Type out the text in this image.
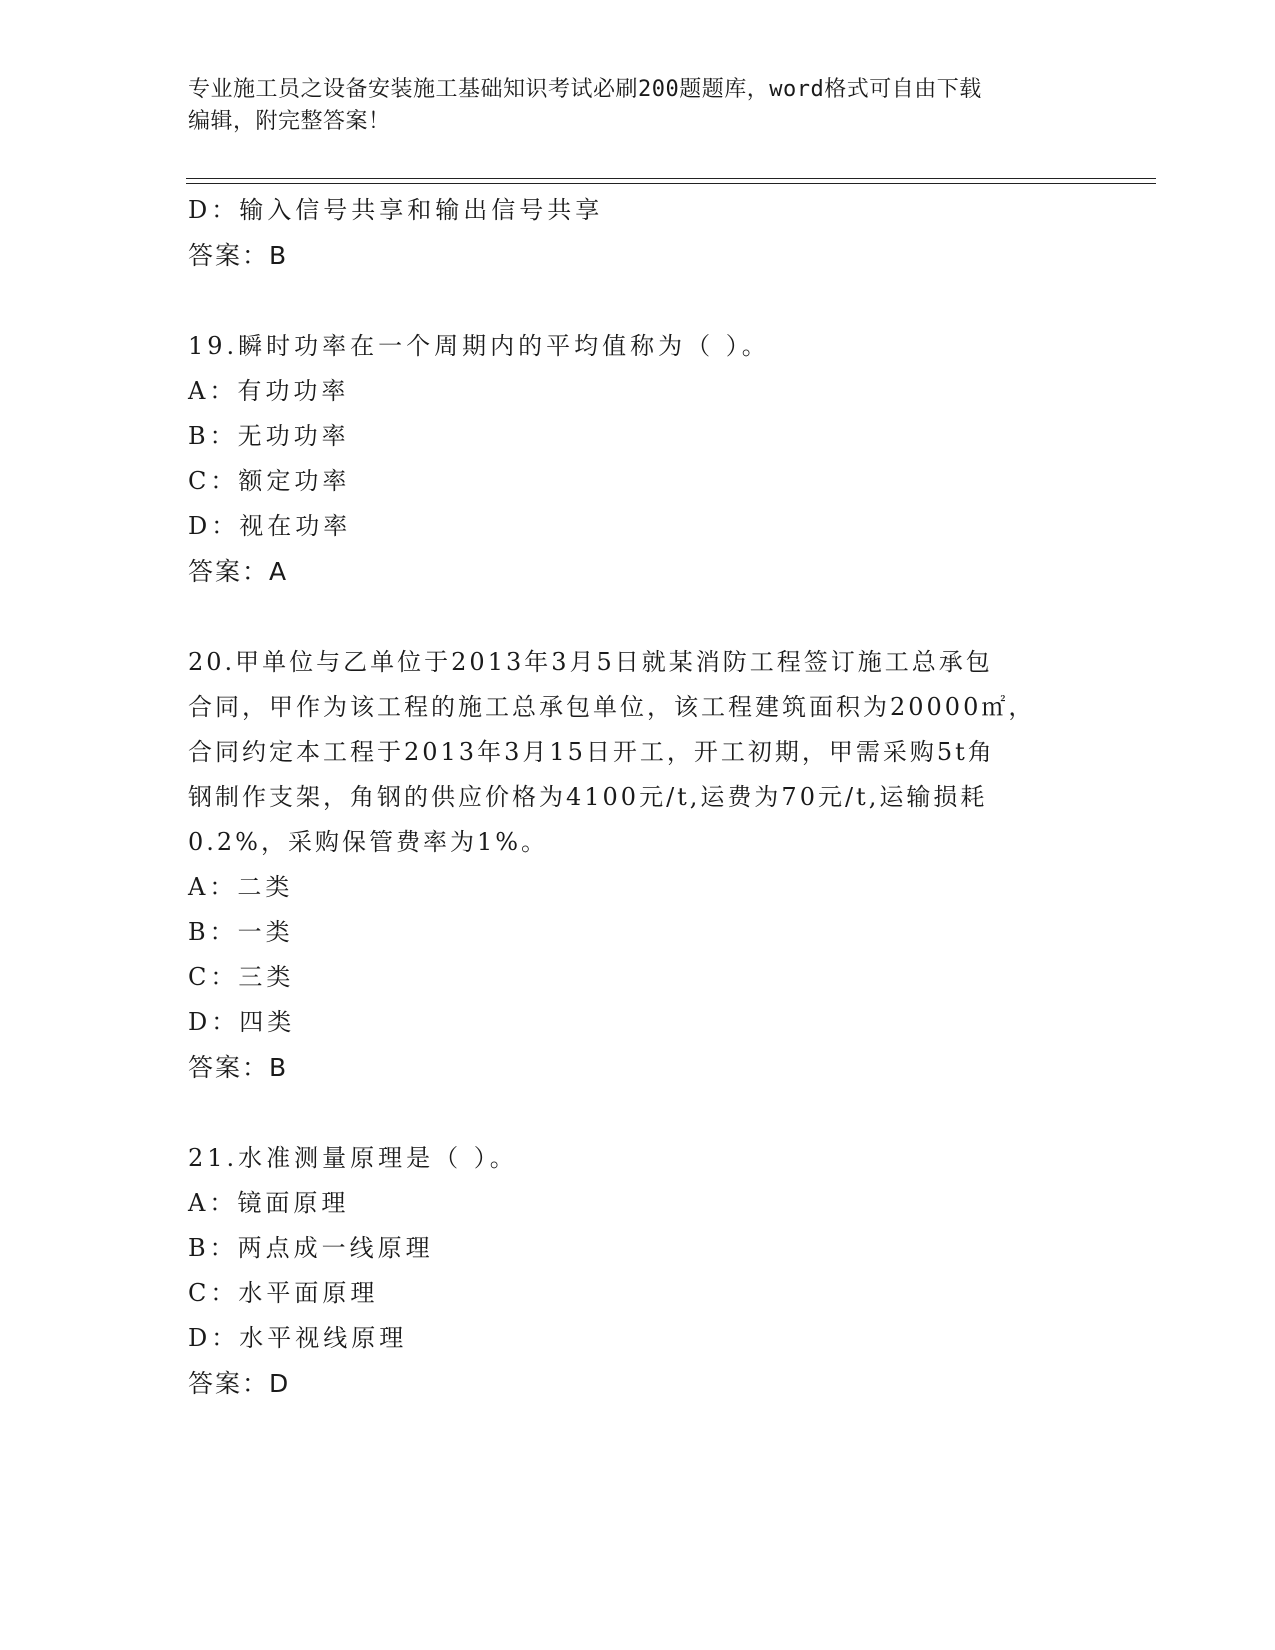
专业施工员之设备安装施工基础知识考试必刷200题题库，word格式可自由下载
编辑，附完整答案！
D：输入信号共享和输出信号共享
答案：B
19.瞬时功率在一个周期内的平均值称为（ ）。
A：有功功率
B：无功功率
C：额定功率
D：视在功率
答案：A
20.甲单位与乙单位于2013年3月5日就某消防工程签订施工总承包
合同，甲作为该工程的施工总承包单位，该工程建筑面积为20000㎡，
合同约定本工程于2013年3月15日开工，开工初期，甲需采购5t角
钢制作支架，角钢的供应价格为4100元/t,运费为70元/t,运输损耗
0.2%，采购保管费率为1%。
A：二类
B：一类
C：三类
D：四类
答案：B
21.水准测量原理是（ ）。
A：镜面原理
B：两点成一线原理
C：水平面原理
D：水平视线原理
答案：D
